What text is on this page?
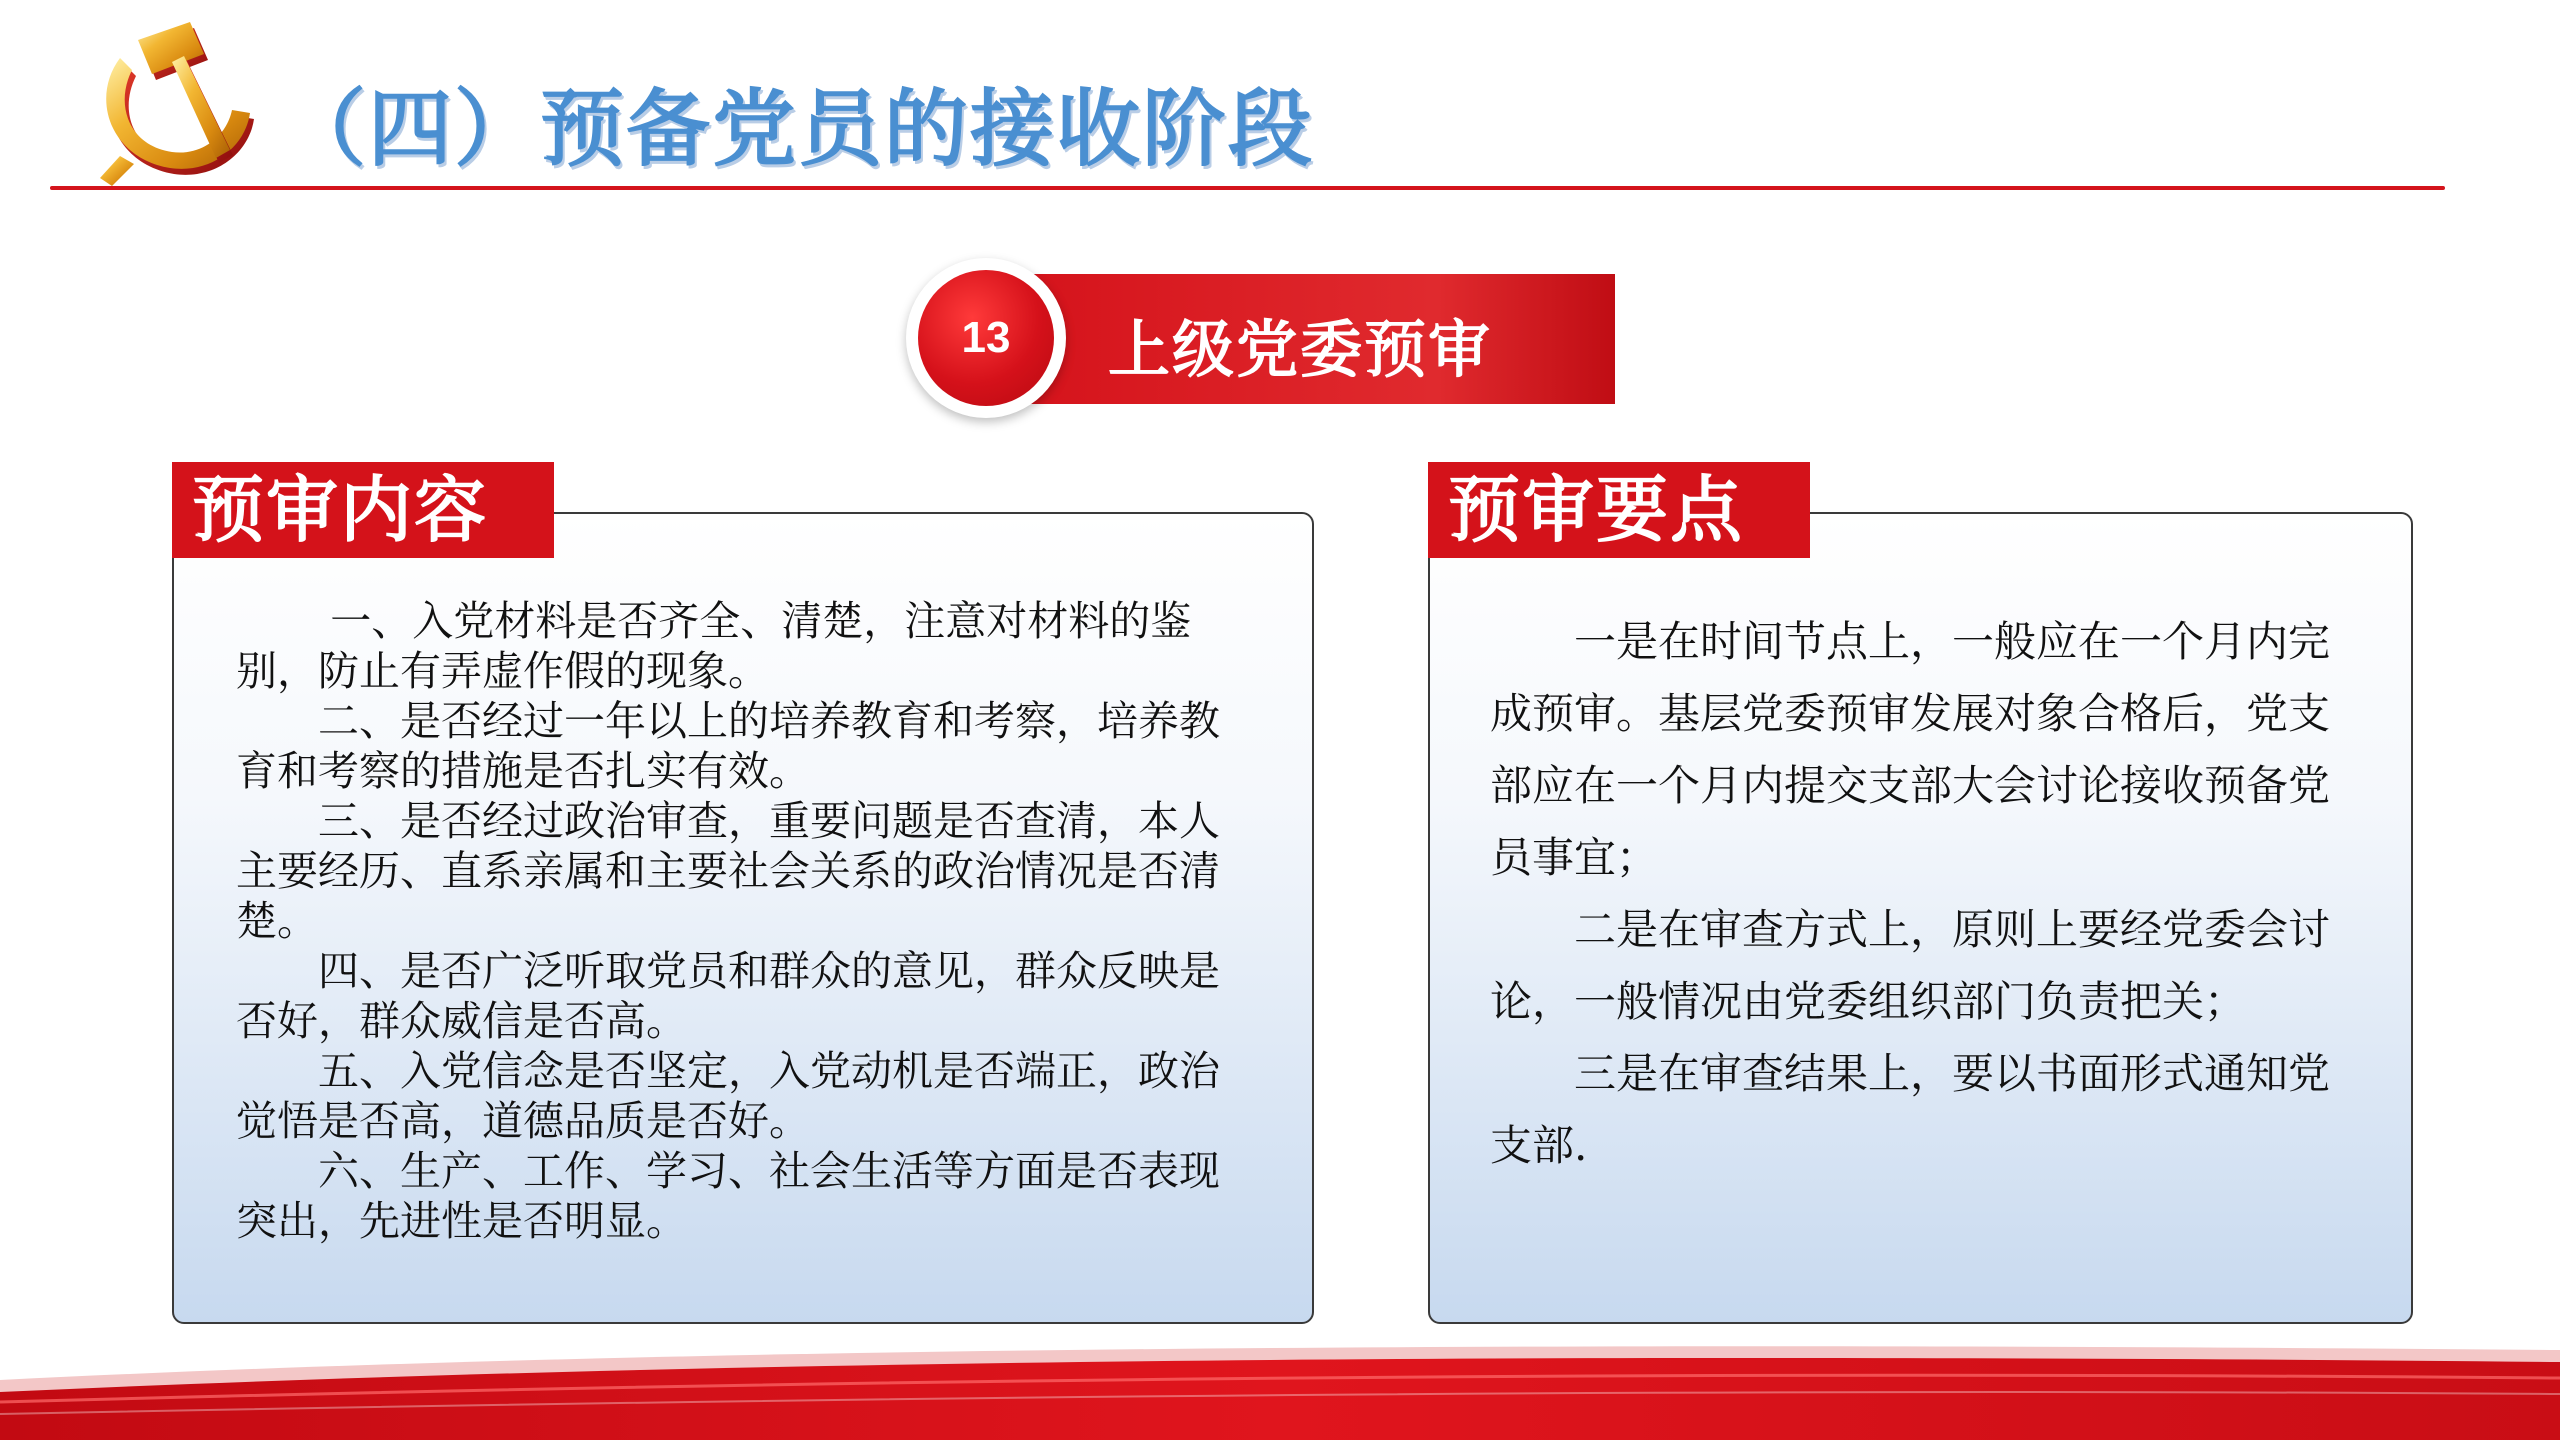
（四）预备党员的接收阶段
上级党委预审
13
预审内容

一、入党材料是否齐全、清楚，注意对材料的鉴别，防止有弄虚作假的现象。

二、是否经过一年以上的培养教育和考察，培养教育和考察的措施是否扎实有效。

三、是否经过政治审查，重要问题是否查清，本人主要经历、直系亲属和主要社会关系的政治情况是否清楚。

四、是否广泛听取党员和群众的意见，群众反映是否好，群众威信是否高。

五、入党信念是否坚定，入党动机是否端正，政治觉悟是否高，道德品质是否好。

六、生产、工作、学习、社会生活等方面是否表现突出，先进性是否明显。

预审要点

一是在时间节点上，一般应在一个月内完成预审。基层党委预审发展对象合格后，党支部应在一个月内提交支部大会讨论接收预备党员事宜；

二是在审查方式上，原则上要经党委会讨论，一般情况由党委组织部门负责把关；

三是在审查结果上，要以书面形式通知党支部.
